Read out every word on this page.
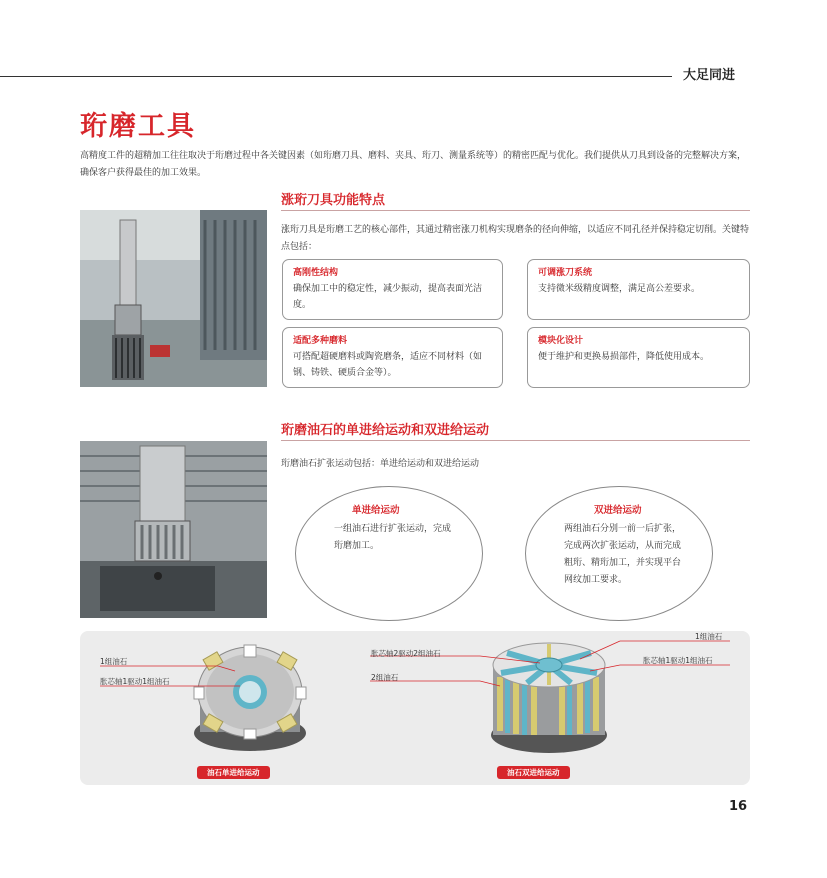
大足同进
珩磨工具
高精度工件的超精加工往往取决于珩磨过程中各关键因素（如珩磨刀具、磨料、夹具、珩刀、测量系统等）的精密匹配与优化。我们提供从刀具到设备的完整解决方案，确保客户获得最佳的加工效果。
涨珩刀具功能特点
涨珩刀具是珩磨工艺的核心部件，其通过精密涨刀机构实现磨条的径向伸缩，以适应不同孔径并保持稳定切削。关键特点包括：
高刚性结构
确保加工中的稳定性，减少振动，提高表面光洁度。
可调涨刀系统
支持微米级精度调整，满足高公差要求。
适配多种磨料
可搭配超硬磨料或陶瓷磨条，适应不同材料（如钢、铸铁、硬质合金等）。
模块化设计
便于维护和更换易损部件，降低使用成本。
珩磨油石的单进给运动和双进给运动
珩磨油石扩张运动包括：单进给运动和双进给运动
单进给运动
一组油石进行扩张运动，完成珩磨加工。
双进给运动
两组油石分别一前一后扩张，完成两次扩张运动，从而完成粗珩、精珩加工，并实现平台网纹加工要求。
1组油石
胀芯轴1驱动1组油石
1组油石
胀芯轴2驱动2组油石
2组油石
胀芯轴1驱动1组油石
油石单进给运动	油石双进给运动
16
